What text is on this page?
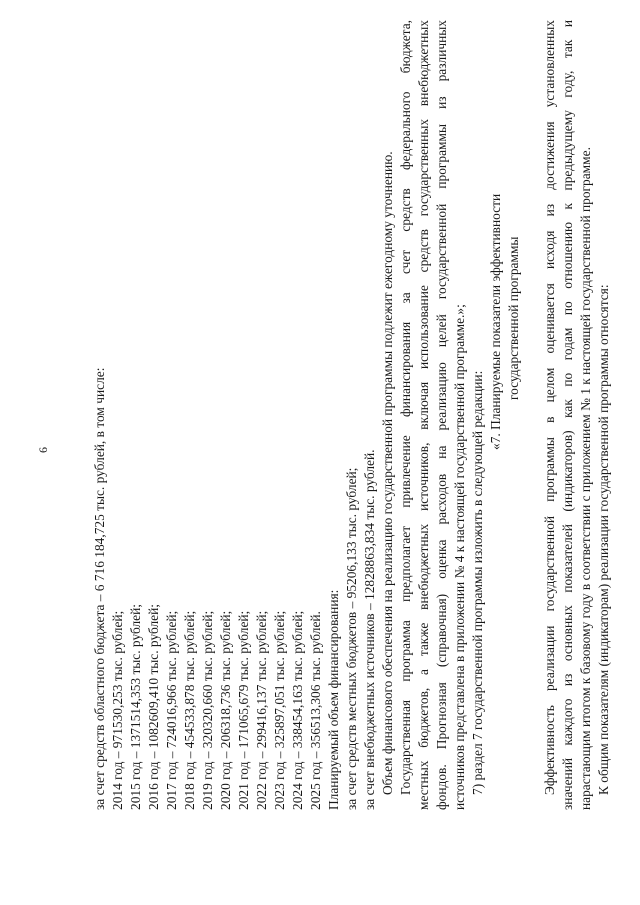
6	за счет средств областного бюджета – 6 716 184,725 тыс. рублей, в том числе: 2014 год – 971530,253 тыс. рублей; 2015 год – 1371514,353 тыс. рублей; 2016 год – 1082609,410 тыс. рублей; 2017 год – 724016,966 тыс. рублей; 2018 год – 454533,878 тыс. рублей; 2019 год – 320320,660 тыс. рублей; 2020 год – 206318,736 тыс. рублей; 2021 год – 171065,679 тыс. рублей; 2022 год – 299416,137 тыс. рублей; 2023 год – 325897,051 тыс. рублей; 2024 год – 338454,163 тыс. рублей; 2025 год – 356513,306 тыс. рублей. Планируемый объем финансирования: за счет средств местных бюджетов – 95206,133 тыс. рублей; за счет внебюджетных источников – 12828863,834 тыс. рублей. Объем финансового обеспечения на реализацию государственной программы подлежит ежегодному уточнению. Государственная программа предполагает привлечение финансирования за счет средств федерального бюджета, местных бюджетов, а также внебюджетных источников, включая использование средств государственных внебюджетных фондов. Прогнозная (справочная) оценка расходов на реализацию целей государственной программы из различных источников представлена в приложении № 4 к настоящей государственной программе.»; 7) раздел 7 государственной программы изложить в следующей редакции:
«7. Планируемые показатели эффективности государственной программы Эффективность реализации государственной программы в целом оценивается исходя из достижения установленных значений каждого из основных показателей (индикаторов) как по годам по отношению к предыдущему году, так и нарастающим итогом к базовому году в соответствии с приложением № 1 к настоящей государственной программе. К общим показателям (индикаторам) реализации государственной программы относятся:
